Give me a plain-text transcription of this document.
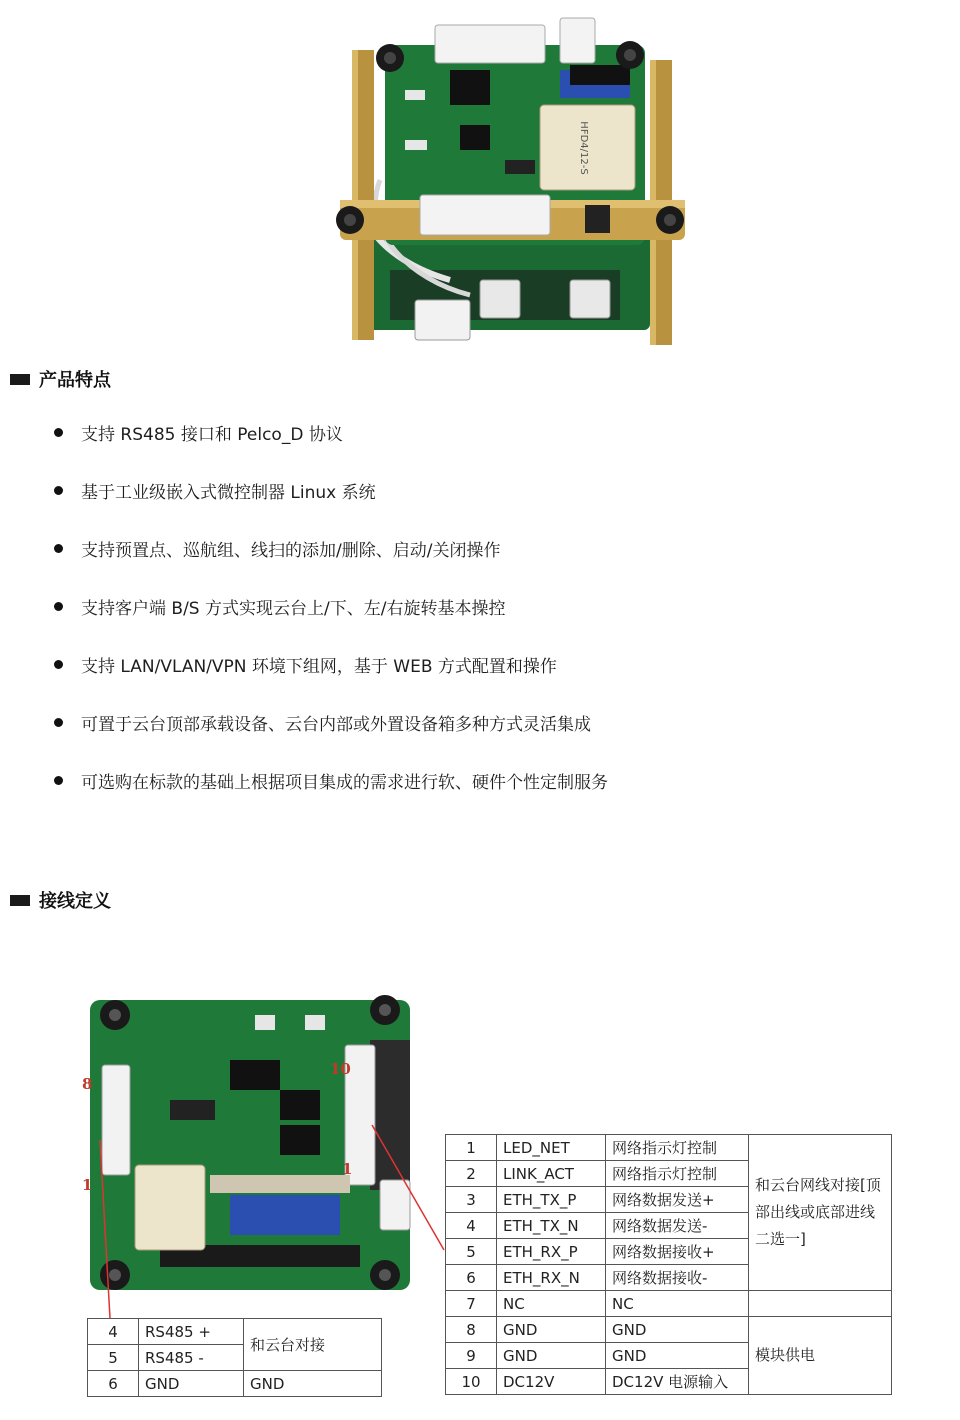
HFD4/12-S
产品特点
支持 RS485 接口和 Pelco_D 协议
基于工业级嵌入式微控制器 Linux 系统
支持预置点、巡航组、线扫的添加/删除、启动/关闭操作
支持客户端 B/S 方式实现云台上/下、左/右旋转基本操控
支持 LAN/VLAN/VPN 环境下组网，基于 WEB 方式配置和操作
可置于云台顶部承载设备、云台内部或外置设备箱多种方式灵活集成
可选购在标款的基础上根据项目集成的需求进行软、硬件个性定制服务
接线定义
8
1
10
1
4	RS485 +	和云台对接
5	RS485 -	
6	GND	GND
1	LED_NET	网络指示灯控制	和云台网线对接[顶部出线或底部进线二选一]
2	LINK_ACT	网络指示灯控制	
3	ETH_TX_P	网络数据发送+	
4	ETH_TX_N	网络数据发送-	
5	ETH_RX_P	网络数据接收+	
6	ETH_RX_N	网络数据接收-	
7	NC	NC	
8	GND	GND	模块供电
9	GND	GND	
10	DC12V	DC12V 电源输入	
